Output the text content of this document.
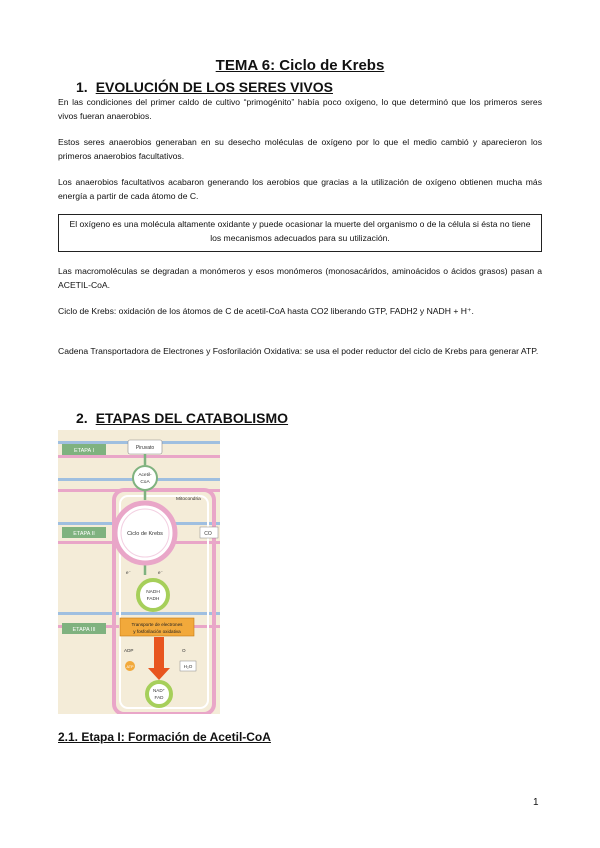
TEMA 6: Ciclo de Krebs
1. EVOLUCIÓN DE LOS SERES VIVOS
En las condiciones del primer caldo de cultivo “primogénito” había poco oxígeno, lo que determinó que los primeros seres vivos fueran anaerobios.
Estos seres anaerobios generaban en su desecho moléculas de oxígeno por lo que el medio cambió y aparecieron los primeros anaerobios facultativos.
Los anaerobios facultativos acabaron generando los aerobios que gracias a la utilización de oxígeno obtienen mucha más energía a partir de cada átomo de C.
El oxígeno es una molécula altamente oxidante y puede ocasionar la muerte del organismo o de la célula si ésta no tiene los mecanismos adecuados para su utilización.
Las macromoléculas se degradan a monómeros y esos monómeros (monosacáridos, aminoácidos o ácidos grasos) pasan a ACETIL-CoA.
Ciclo de Krebs: oxidación de los átomos de C de acetil-CoA hasta CO2 liberando GTP, FADH2 y NADH + H⁺.
Cadena Transportadora de Electrones y Fosforilación Oxidativa: se usa el poder reductor del ciclo de Krebs para generar ATP.
2. ETAPAS DEL CATABOLISMO
ETAPA I
ETAPA II
ETAPA III
Piruvato
Acetil-
CoA
Mitocondria
Ciclo de Krebs	CO
e⁻	e⁻
NADH
FADH
Transporte de electrones
y fosforilación oxidativa
ADP
ATP
O
H₂O
NAD⁺
FAD
2.1. Etapa I: Formación de Acetil-CoA
1
